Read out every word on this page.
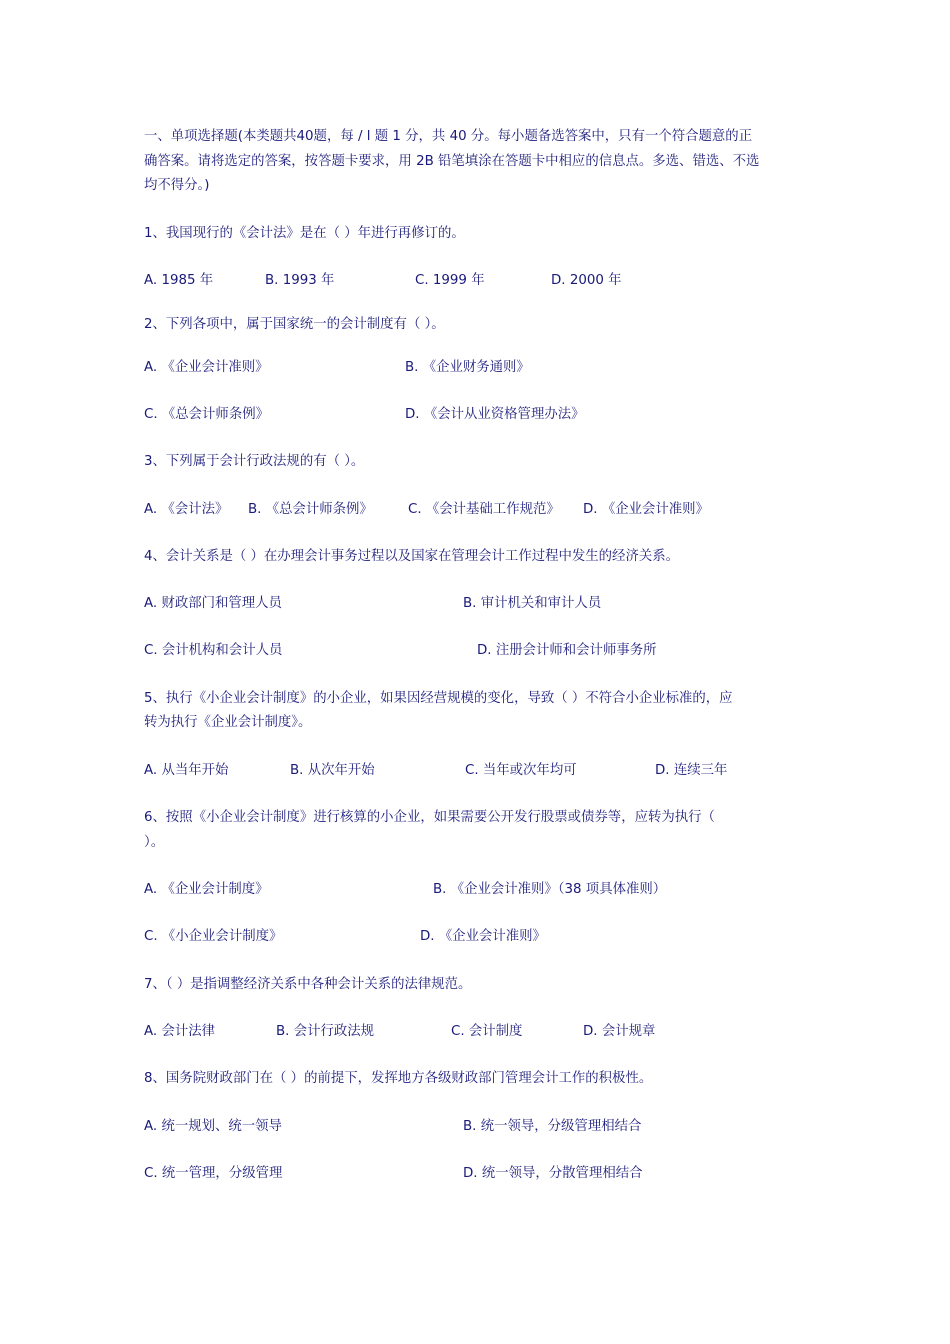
一、单项选择题(本类题共40题，每 / l 题 1 分，共 40 分。每小题备选答案中，只有一个符合题意的正
确答案。请将选定的答案，按答题卡要求，用 2B 铅笔填涂在答题卡中相应的信息点。多选、错选、不选
均不得分。)
1、我国现行的《会计法》是在（ ）年进行再修订的。
A. 1985 年	B. 1993 年	C. 1999 年	D. 2000 年
2、下列各项中，属于国家统一的会计制度有（ ）。
A. 《企业会计准则》	B. 《企业财务通则》
C. 《总会计师条例》	D. 《会计从业资格管理办法》
3、下列属于会计行政法规的有（ ）。
A. 《会计法》 B. 《总会计师条例》	C. 《会计基础工作规范》 D. 《企业会计准则》
4、会计关系是（ ）在办理会计事务过程以及国家在管理会计工作过程中发生的经济关系。
A. 财政部门和管理人员	B. 审计机关和审计人员
C. 会计机构和会计人员	D. 注册会计师和会计师事务所
5、执行《小企业会计制度》的小企业，如果因经营规模的变化，导致（ ）不符合小企业标准的，应
转为执行《企业会计制度》。
A. 从当年开始	B. 从次年开始	C. 当年或次年均可	D. 连续三年
6、按照《小企业会计制度》进行核算的小企业，如果需要公开发行股票或债券等，应转为执行（
）。
A. 《企业会计制度》	B. 《企业会计准则》（38 项具体准则）
C. 《小企业会计制度》	D. 《企业会计准则》
7、（ ）是指调整经济关系中各种会计关系的法律规范。
A. 会计法律	B. 会计行政法规	C. 会计制度	D. 会计规章
8、国务院财政部门在（ ）的前提下，发挥地方各级财政部门管理会计工作的积极性。
A. 统一规划、统一领导	B. 统一领导，分级管理相结合
C. 统一管理，分级管理	D. 统一领导，分散管理相结合
